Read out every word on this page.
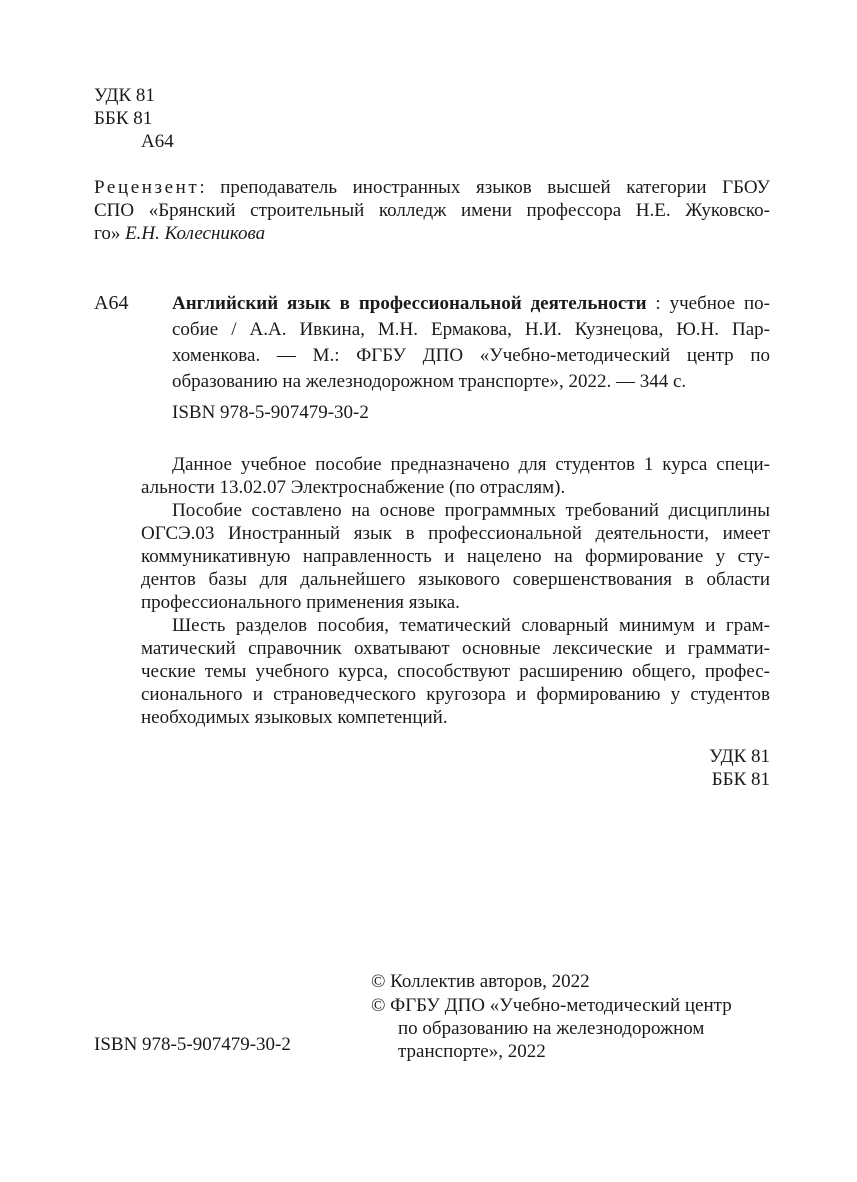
УДК 81
ББК 81
А64
Рецензент: преподаватель иностранных языков высшей категории ГБОУ
СПО «Брянский строительный колледж имени профессора Н.Е. Жуковско-
го» Е.Н. Колесникова
А64 Английский язык в профессиональной деятельности : учебное по-
собие / А.А. Ивкина, М.Н. Ермакова, Н.И. Кузнецова, Ю.Н. Пар-
хоменкова. — М.: ФГБУ ДПО «Учебно-методический центр по
образованию на железнодорожном транспорте», 2022. — 344 с.
ISBN 978-5-907479-30-2
Данное учебное пособие предназначено для студентов 1 курса специ-
альности 13.02.07 Электроснабжение (по отраслям).
Пособие составлено на основе программных требований дисциплины
ОГСЭ.03 Иностранный язык в профессиональной деятельности, имеет
коммуникативную направленность и нацелено на формирование у сту-
дентов базы для дальнейшего языкового совершенствования в области
профессионального применения языка.
Шесть разделов пособия, тематический словарный минимум и грам-
матический справочник охватывают основные лексические и граммати-
ческие темы учебного курса, способствуют расширению общего, профес-
сионального и страноведческого кругозора и формированию у студентов
необходимых языковых компетенций.
УДК 81
ББК 81
© Коллектив авторов, 2022
© ФГБУ ДПО «Учебно-методический центр
по образованию на железнодорожном
транспорте», 2022
ISBN 978-5-907479-30-2
